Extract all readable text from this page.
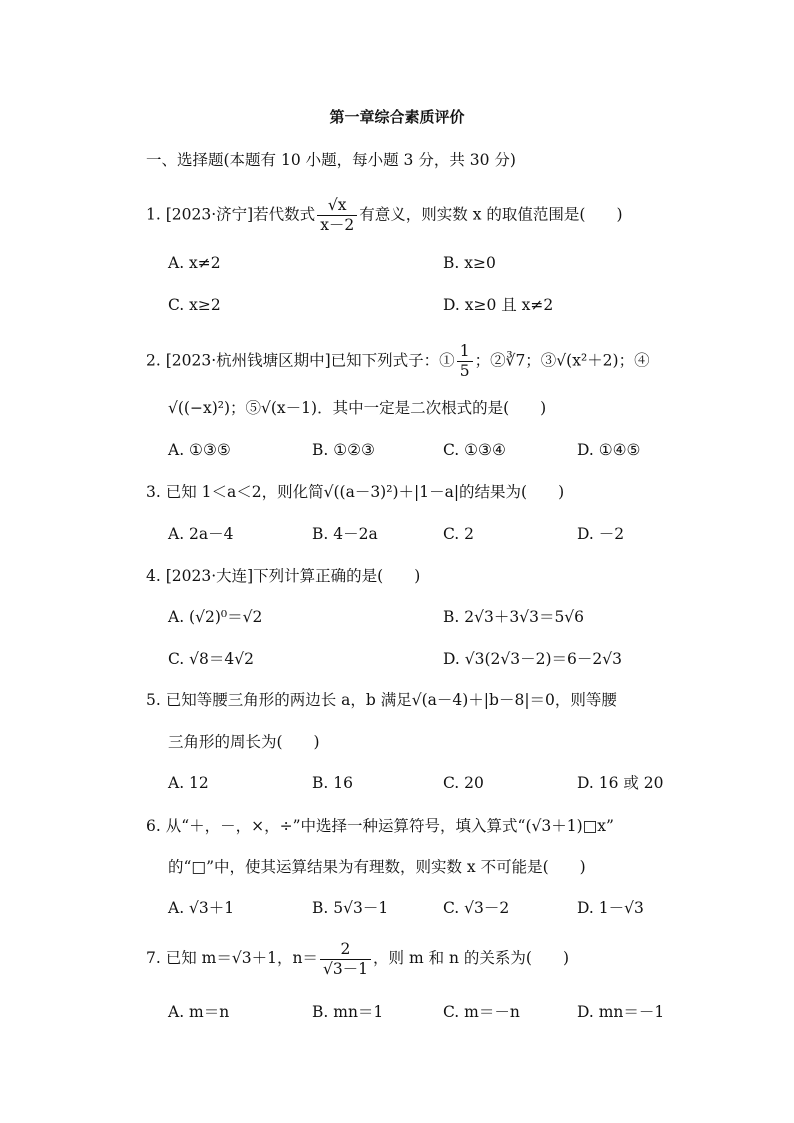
第一章综合素质评价
一、选择题(本题有 10 小题，每小题 3 分，共 30 分)
1. [2023·济宁]若代数式 $\frac{√x}{x-2}$ 有意义，则实数 x 的取值范围是(　　)
A. x≠2	B. x≥0
C. x≥2	D. x≥0 且 x≠2
2. [2023·杭州钱塘区期中]已知下列式子：① $\frac{1}{5}$ ；②∛7；③√(x²＋2)；④
√((−x)²)；⑤√(x－1)．其中一定是二次根式的是(　　)
A. ①③⑤	B. ①②③	C. ①③④	D. ①④⑤
3. 已知 1＜a＜2，则化简√((a－3)²)＋|1－a|的结果为(　　)
A. 2a－4	B. 4－2a	C. 2	D. －2
4. [2023·大连]下列计算正确的是(　　)
A. (√2)⁰＝√2	B. 2√3＋3√3＝5√6
C. √8＝4√2	D. √3(2√3－2)＝6－2√3
5. 已知等腰三角形的两边长 a，b 满足√(a－4)＋|b－8|＝0，则等腰
三角形的周长为(　　)
A. 12	B. 16	C. 20	D. 16 或 20
6. 从“＋，－，×，÷”中选择一种运算符号，填入算式“(√3＋1)□x”
的“□”中，使其运算结果为有理数，则实数 x 不可能是(　　)
A. √3＋1	B. 5√3－1	C. √3－2	D. 1－√3
7. 已知 m＝√3＋1，$n= \frac{2}{√3-1}$ ，则 m 和 n 的关系为(　　)
A. m＝n	B. mn＝1	C. m＝－n	D. mn＝－1
